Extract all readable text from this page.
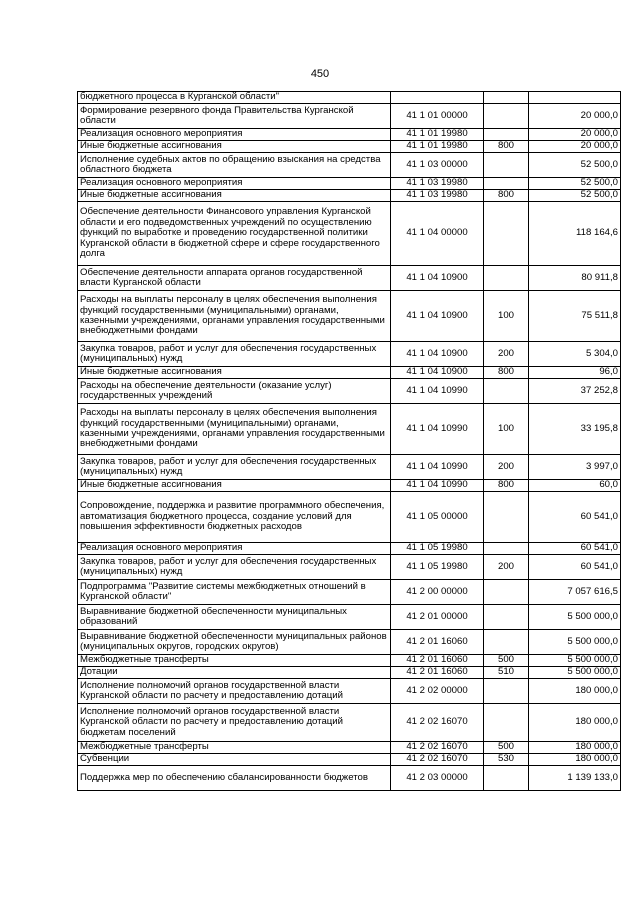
450
бюджетного процесса в Курганской области"			
Формирование резервного фонда Правительства Курганской области	41 1 01 00000		20 000,0
Реализация основного мероприятия	41 1 01 19980		20 000,0
Иные бюджетные ассигнования	41 1 01 19980	800	20 000,0
Исполнение судебных актов по обращению взыскания на средства областного бюджета	41 1 03 00000		52 500,0
Реализация основного мероприятия	41 1 03 19980		52 500,0
Иные бюджетные ассигнования	41 1 03 19980	800	52 500,0
Обеспечение деятельности Финансового управления Курганской области и его подведомственных учреждений по осуществлению функций по выработке и проведению государственной политики Курганской области в бюджетной сфере и сфере государственного долга	41 1 04 00000		118 164,6
Обеспечение деятельности аппарата органов государственной власти Курганской области	41 1 04 10900		80 911,8
Расходы на выплаты персоналу в целях обеспечения выполнения функций государственными (муниципальными) органами, казенными учреждениями, органами управления государственными внебюджетными фондами	41 1 04 10900	100	75 511,8
Закупка товаров, работ и услуг для обеспечения государственных (муниципальных) нужд	41 1 04 10900	200	5 304,0
Иные бюджетные ассигнования	41 1 04 10900	800	96,0
Расходы на обеспечение деятельности (оказание услуг) государственных учреждений	41 1 04 10990		37 252,8
Расходы на выплаты персоналу в целях обеспечения выполнения функций государственными (муниципальными) органами, казенными учреждениями, органами управления государственными внебюджетными фондами	41 1 04 10990	100	33 195,8
Закупка товаров, работ и услуг для обеспечения государственных (муниципальных) нужд	41 1 04 10990	200	3 997,0
Иные бюджетные ассигнования	41 1 04 10990	800	60,0
Сопровождение, поддержка и развитие программного обеспечения, автоматизация бюджетного процесса, создание условий для повышения эффективности бюджетных расходов	41 1 05 00000		60 541,0
Реализация основного мероприятия	41 1 05 19980		60 541,0
Закупка товаров, работ и услуг для обеспечения государственных (муниципальных) нужд	41 1 05 19980	200	60 541,0
Подпрограмма "Развитие системы межбюджетных отношений в Курганской области"	41 2 00 00000		7 057 616,5
Выравнивание бюджетной обеспеченности муниципальных образований	41 2 01 00000		5 500 000,0
Выравнивание бюджетной обеспеченности муниципальных районов (муниципальных округов, городских округов)	41 2 01 16060		5 500 000,0
Межбюджетные трансферты	41 2 01 16060	500	5 500 000,0
Дотации	41 2 01 16060	510	5 500 000,0
Исполнение полномочий органов государственной власти Курганской области по расчету и предоставлению дотаций	41 2 02 00000		180 000,0
Исполнение полномочий органов государственной власти Курганской области по расчету и предоставлению дотаций бюджетам поселений	41 2 02 16070		180 000,0
Межбюджетные трансферты	41 2 02 16070	500	180 000,0
Субвенции	41 2 02 16070	530	180 000,0
Поддержка мер по обеспечению сбалансированности бюджетов	41 2 03 00000		1 139 133,0
